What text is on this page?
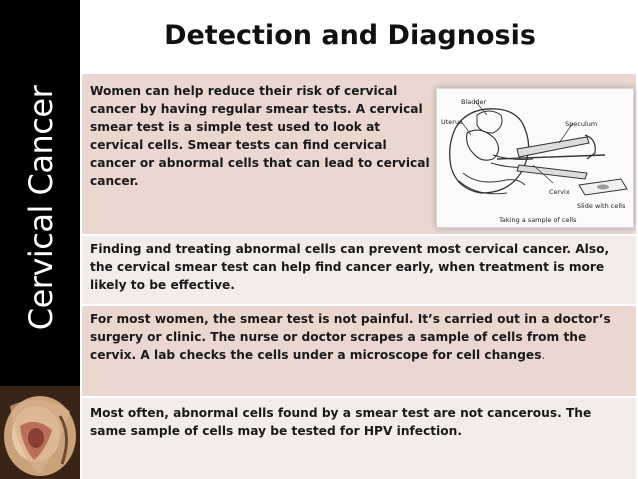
Cervical Cancer
Detection and Diagnosis
Women can help reduce their risk of cervical cancer by having regular smear tests. A cervical smear test is a simple test used to look at cervical cells. Smear tests can find cervical cancer or abnormal cells that can lead to cervical cancer.
Bladder
Uterus	Speculum
Cervix
Slide with cells
Taking a sample of cells
Finding and treating abnormal cells can prevent most cervical cancer. Also, the cervical smear test can help find cancer early, when treatment is more likely to be effective.
For most women, the smear test is not painful. It’s carried out in a doctor’s surgery or clinic. The nurse or doctor scrapes a sample of cells from the cervix. A lab checks the cells under a microscope for cell changes.
Most often, abnormal cells found by a smear test are not cancerous. The same sample of cells may be tested for HPV infection.
